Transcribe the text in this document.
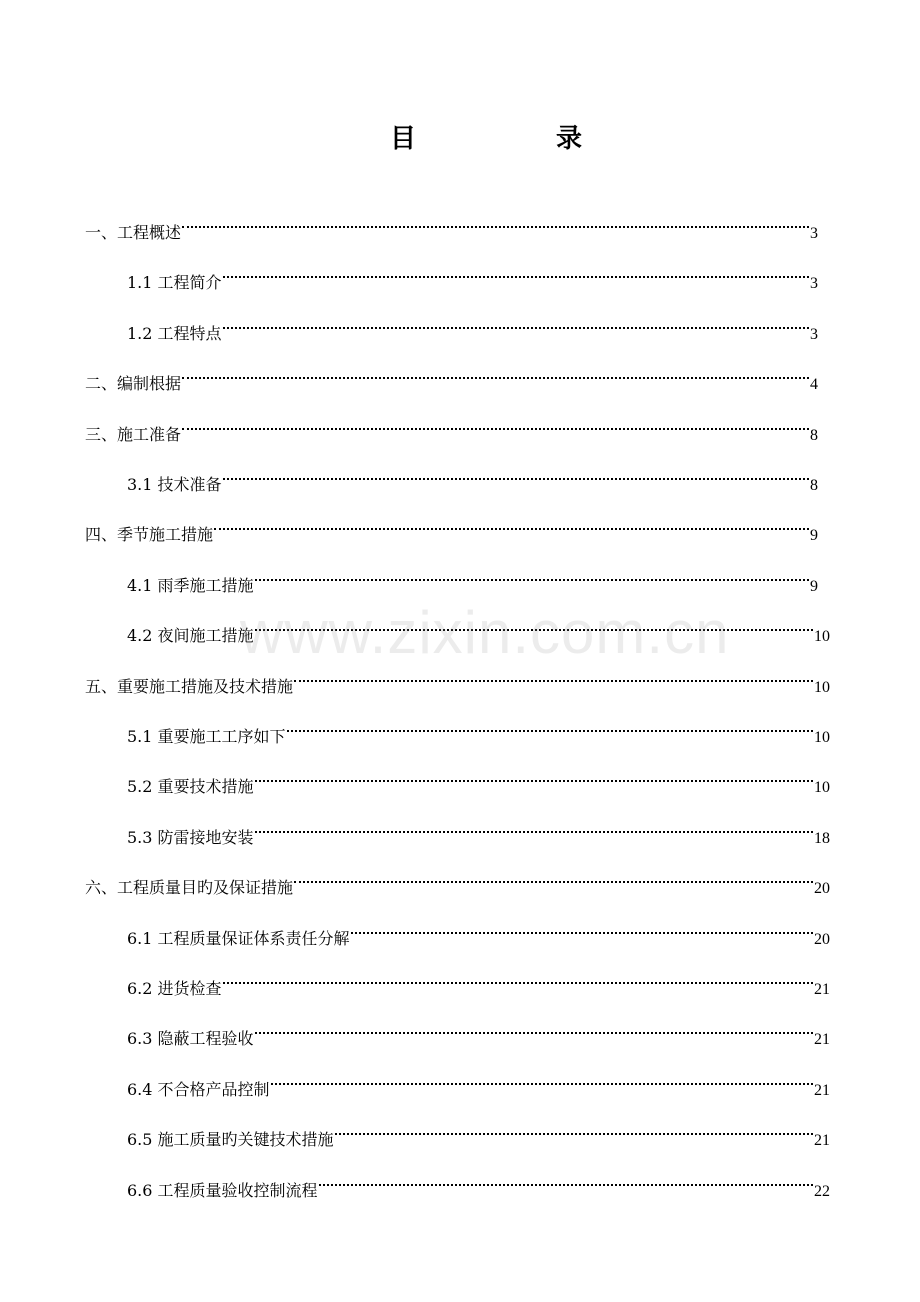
目	录
一、工程概述	3
1.1 工程简介	3
1.2 工程特点	3
二、编制根据	4
三、施工准备	8
3.1 技术准备	8
四、季节施工措施	9
4.1 雨季施工措施	9
4.2 夜间施工措施	10
五、重要施工措施及技术措施	10
5.1 重要施工工序如下	10
5.2 重要技术措施	10
5.3 防雷接地安装	18
六、工程质量目旳及保证措施	20
6.1 工程质量保证体系责任分解	20
6.2 进货检查	21
6.3 隐蔽工程验收	21
6.4 不合格产品控制	21
6.5 施工质量旳关键技术措施	21
6.6 工程质量验收控制流程	22
www.zixin.com.cn
